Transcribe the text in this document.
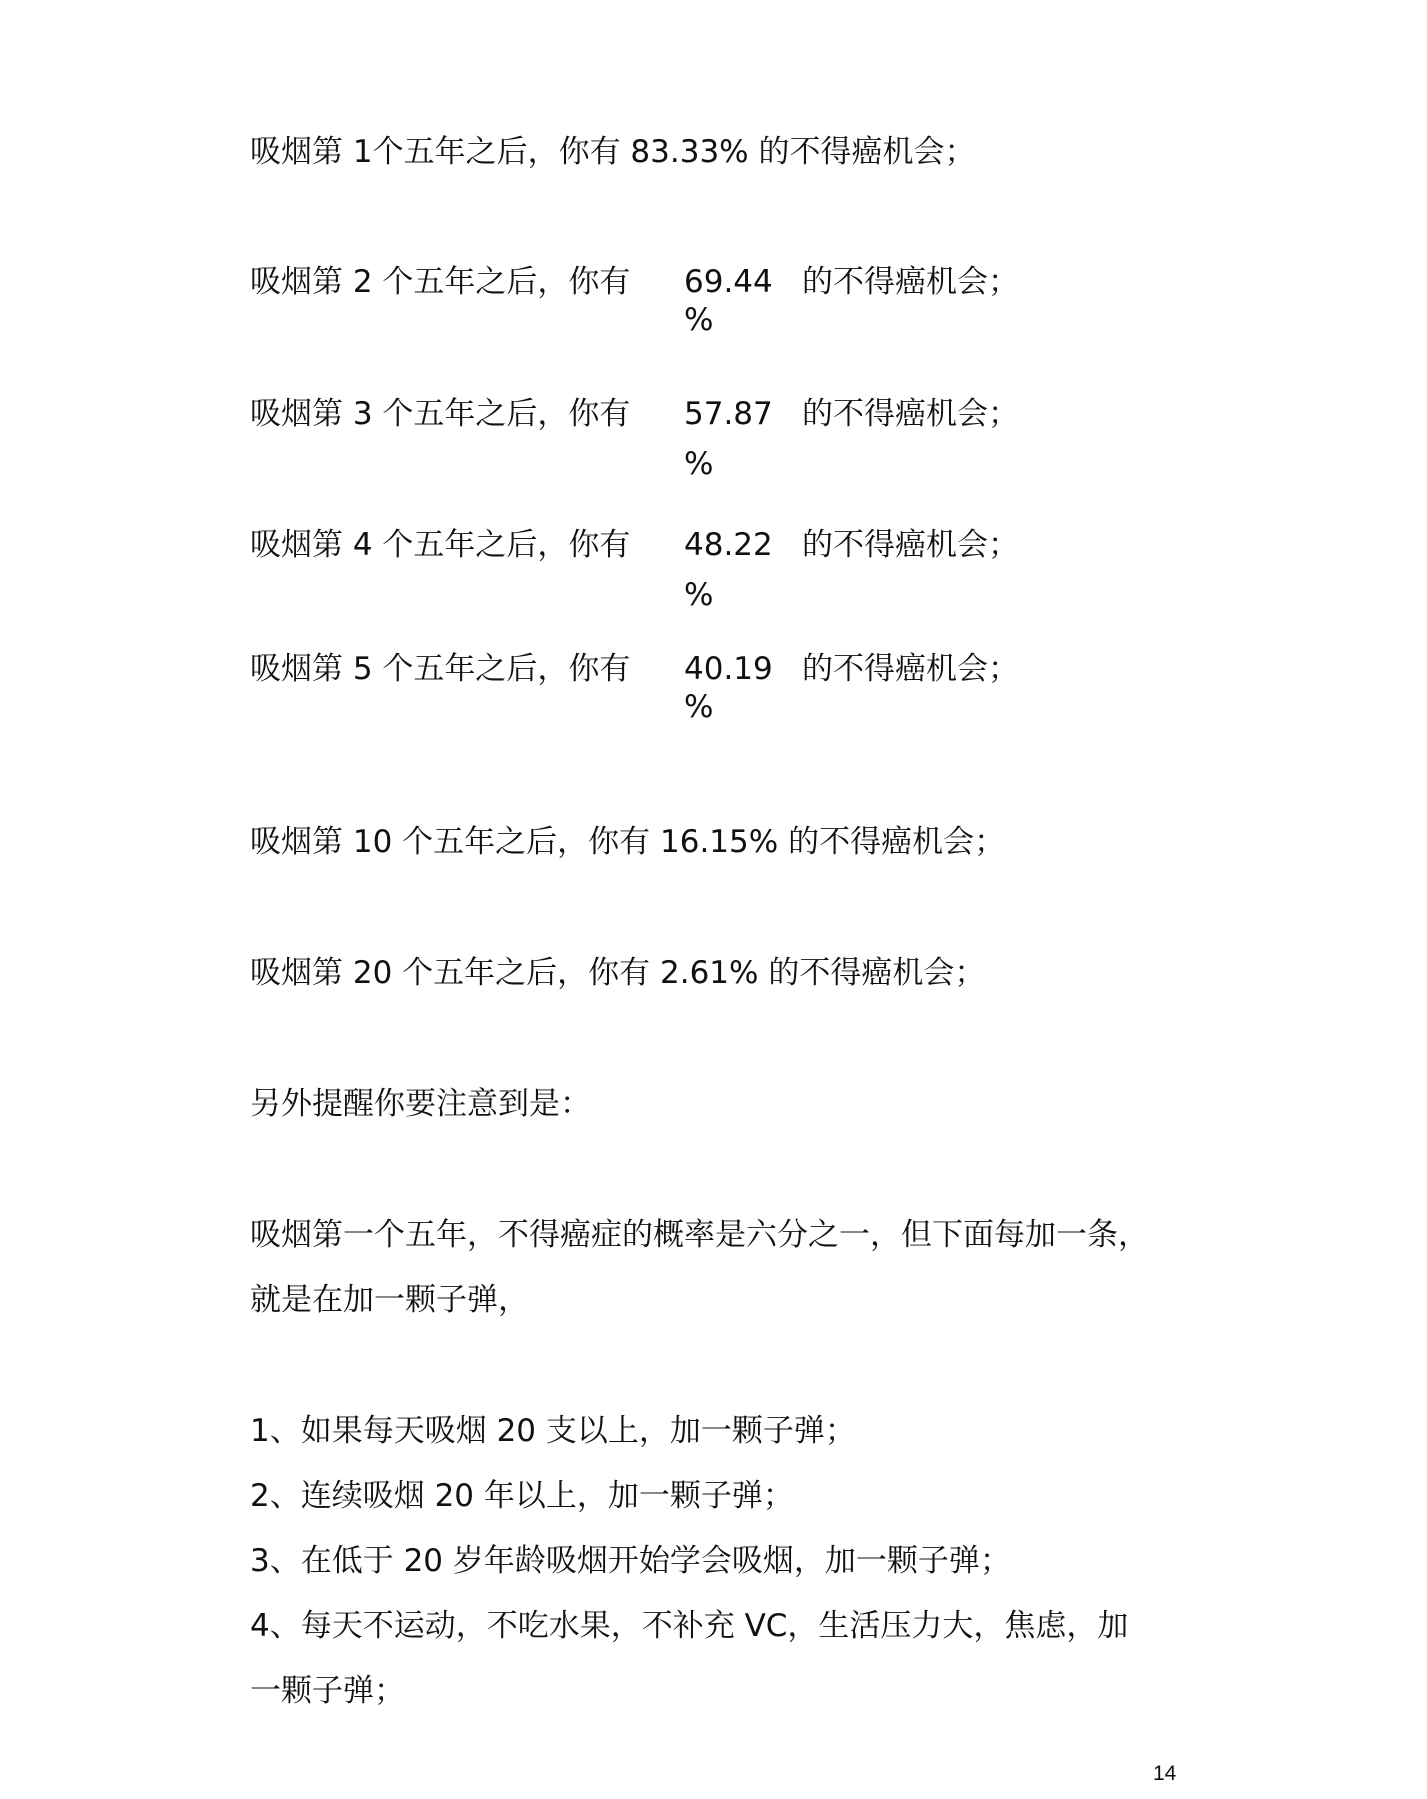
吸烟第 1个五年之后，你有 83.33% 的不得癌机会；
吸烟第 2 个五年之后，你有 69.44
%
的不得癌机会；
吸烟第 3 个五年之后，你有 57.87
%
的不得癌机会；
吸烟第 4 个五年之后，你有 48.22
%
的不得癌机会；
吸烟第 5 个五年之后，你有 40.19
%
的不得癌机会；
吸烟第 10 个五年之后，你有 16.15% 的不得癌机会；
吸烟第 20 个五年之后，你有 2.61% 的不得癌机会；
另外提醒你要注意到是：
吸烟第一个五年，不得癌症的概率是六分之一，但下面每加一条，
就是在加一颗子弹，
1、如果每天吸烟 20 支以上，加一颗子弹；
2、连续吸烟 20 年以上，加一颗子弹；
3、在低于 20 岁年龄吸烟开始学会吸烟，加一颗子弹；
4、每天不运动，不吃水果，不补充 VC，生活压力大，焦虑，加
一颗子弹；
14
